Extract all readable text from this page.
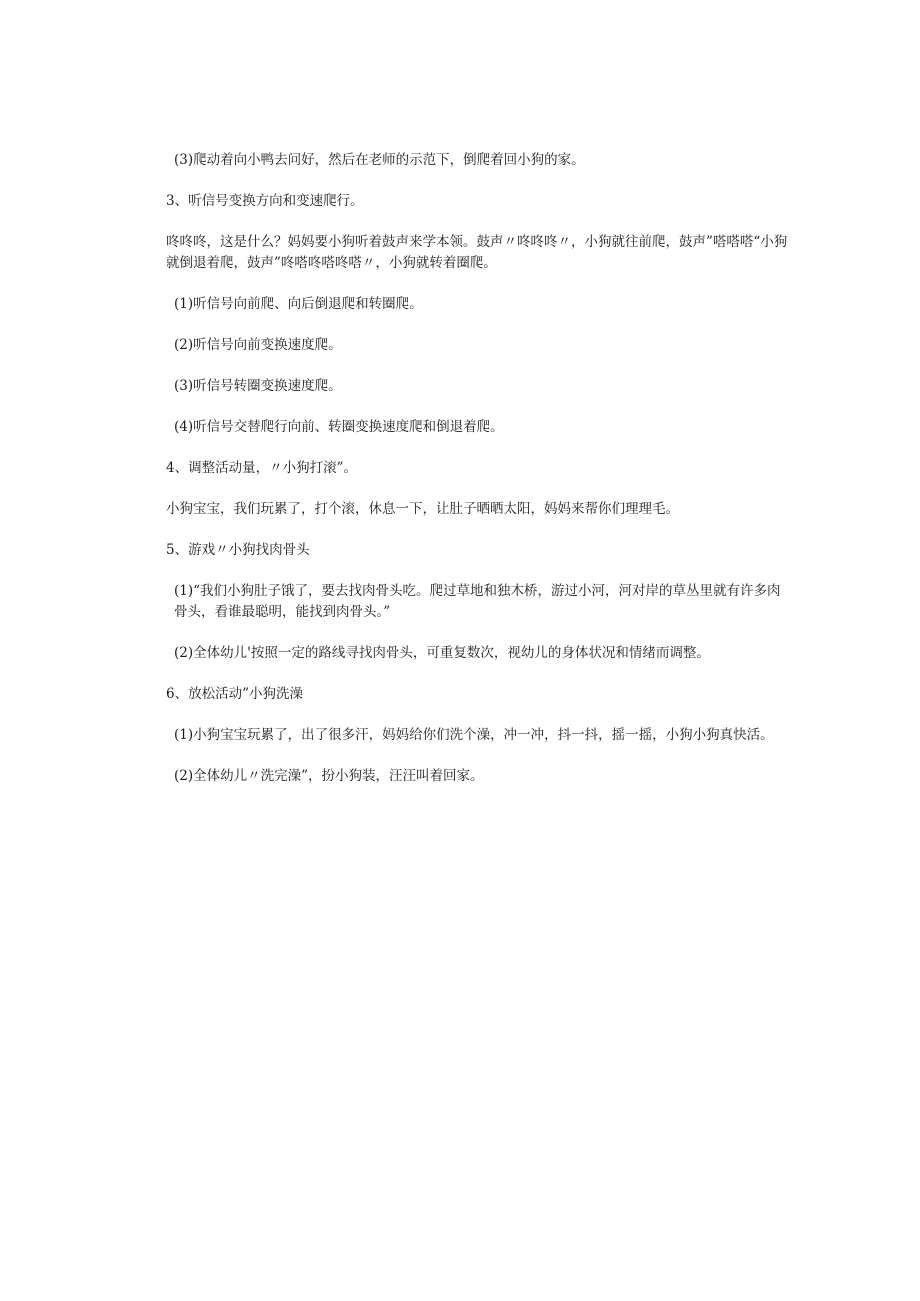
(3)爬动着向小鸭去问好，然后在老师的示范下，倒爬着回小狗的家。

3、听信号变换方向和变速爬行。

咚咚咚，这是什么？妈妈要小狗听着鼓声来学本领。鼓声〃咚咚咚〃，小狗就往前爬，鼓声”嗒嗒嗒“小狗就倒退着爬，鼓声”咚嗒咚嗒咚嗒〃，小狗就转着圈爬。

(1)听信号向前爬、向后倒退爬和转圈爬。

(2)听信号向前变换速度爬。

(3)听信号转圈变换速度爬。

(4)听信号交替爬行向前、转圈变换速度爬和倒退着爬。

4、调整活动量，〃小狗打滚”。

小狗宝宝，我们玩累了，打个滚，休息一下，让肚子晒晒太阳，妈妈来帮你们理理毛。

5、游戏〃小狗找肉骨头

(1)“我们小狗肚子饿了，要去找肉骨头吃。爬过草地和独木桥，游过小河，河对岸的草丛里就有许多肉骨头，看谁最聪明，能找到肉骨头。”

(2)全体幼儿'按照一定的路线寻找肉骨头，可重复数次，视幼儿的身体状况和情绪而调整。

6、放松活动”小狗洗澡

(1)小狗宝宝玩累了，出了很多汗，妈妈给你们洗个澡，冲一冲，抖一抖，摇一摇，小狗小狗真快活。

(2)全体幼儿〃洗完澡”，扮小狗装，汪汪叫着回家。
